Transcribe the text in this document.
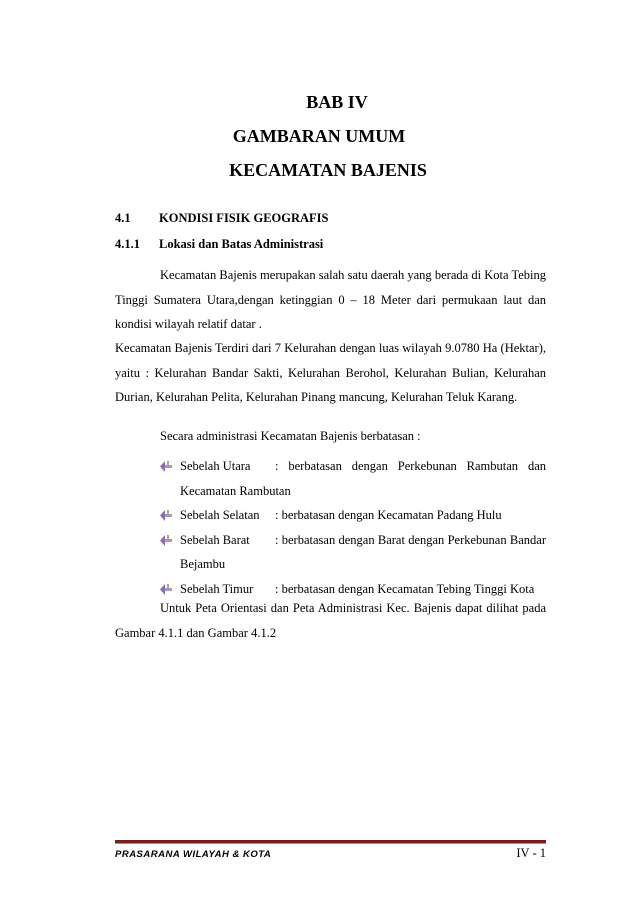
BAB IV
GAMBARAN UMUM
KECAMATAN BAJENIS
4.1 KONDISI FISIK GEOGRAFIS
4.1.1 Lokasi dan Batas Administrasi

Kecamatan Bajenis merupakan salah satu daerah yang berada di Kota Tebing Tinggi Sumatera Utara,dengan ketinggian 0 – 18 Meter dari permukaan laut dan kondisi wilayah relatif datar .

Kecamatan Bajenis Terdiri dari 7 Kelurahan dengan luas wilayah 9.0780 Ha (Hektar), yaitu : Kelurahan Bandar Sakti, Kelurahan Berohol, Kelurahan Bulian, Kelurahan Durian, Kelurahan Pelita, Kelurahan Pinang mancung, Kelurahan Teluk Karang.

Secara administrasi Kecamatan Bajenis berbatasan :

Sebelah Utara	: berbatasan dengan Perkebunan Rambutan dan Kecamatan Rambutan
Sebelah Selatan	: berbatasan dengan Kecamatan Padang Hulu
Sebelah Barat	: berbatasan dengan Barat dengan Perkebunan Bandar Bejambu
Sebelah Timur	: berbatasan dengan Kecamatan Tebing Tinggi Kota

Untuk Peta Orientasi dan Peta Administrasi Kec. Bajenis dapat dilihat pada Gambar 4.1.1 dan Gambar 4.1.2

PRASARANA WILAYAH & KOTA	IV - 1
